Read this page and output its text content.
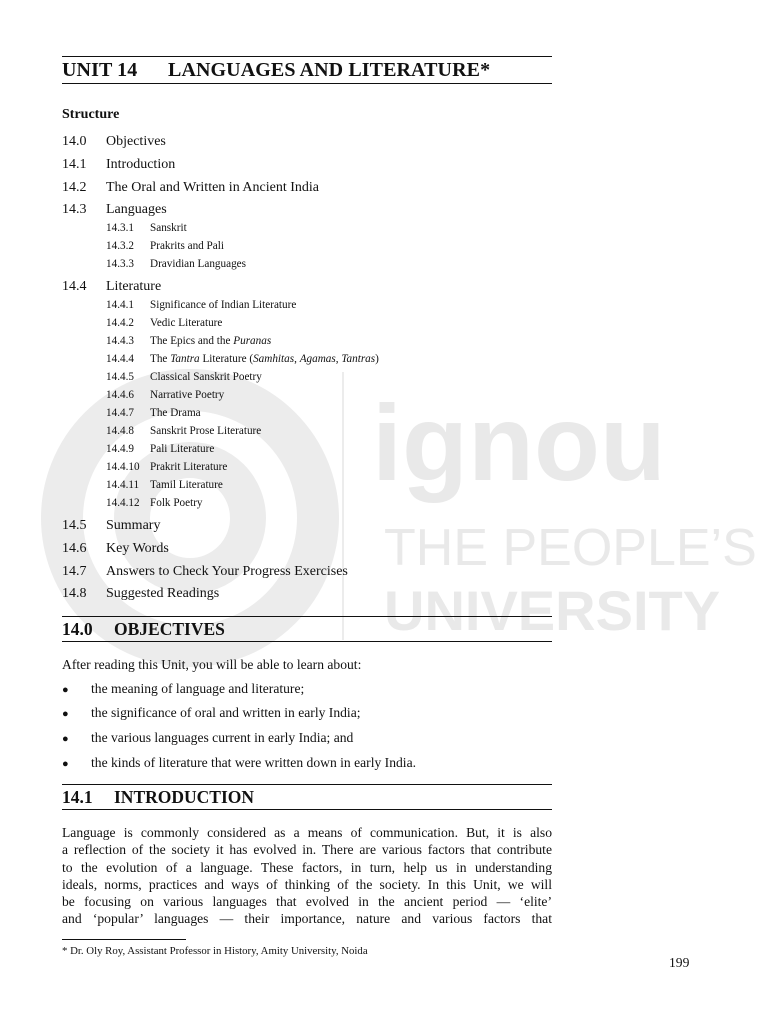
ignou
THE PEOPLE’S
UNIVERSITY
UNIT 14 LANGUAGES AND LITERATURE*
Structure
14.0 Objectives
14.1 Introduction
14.2 The Oral and Written in Ancient India
14.3 Languages
14.3.1 Sanskrit
14.3.2 Prakrits and Pali
14.3.3 Dravidian Languages
14.4 Literature
14.4.1 Significance of Indian Literature
14.4.2 Vedic Literature
14.4.3 The Epics and the Puranas
14.4.4 The Tantra Literature (Samhitas, Agamas, Tantras)
14.4.5 Classical Sanskrit Poetry
14.4.6 Narrative Poetry
14.4.7 The Drama
14.4.8 Sanskrit Prose Literature
14.4.9 Pali Literature
14.4.10 Prakrit Literature
14.4.11 Tamil Literature
14.4.12 Folk Poetry
14.5 Summary
14.6 Key Words
14.7 Answers to Check Your Progress Exercises
14.8 Suggested Readings
14.0 OBJECTIVES
After reading this Unit, you will be able to learn about:
● the meaning of language and literature;
● the significance of oral and written in early India;
● the various languages current in early India; and
● the kinds of literature that were written down in early India.
14.1 INTRODUCTION
Language is commonly considered as a means of communication. But, it is also
a reflection of the society it has evolved in. There are various factors that contribute
to the evolution of a language. These factors, in turn, help us in understanding
ideals, norms, practices and ways of thinking of the society. In this Unit, we will
be focusing on various languages that evolved in the ancient period — ‘elite’
and ‘popular’ languages — their importance, nature and various factors that
* Dr. Oly Roy, Assistant Professor in History, Amity University, Noida
199
